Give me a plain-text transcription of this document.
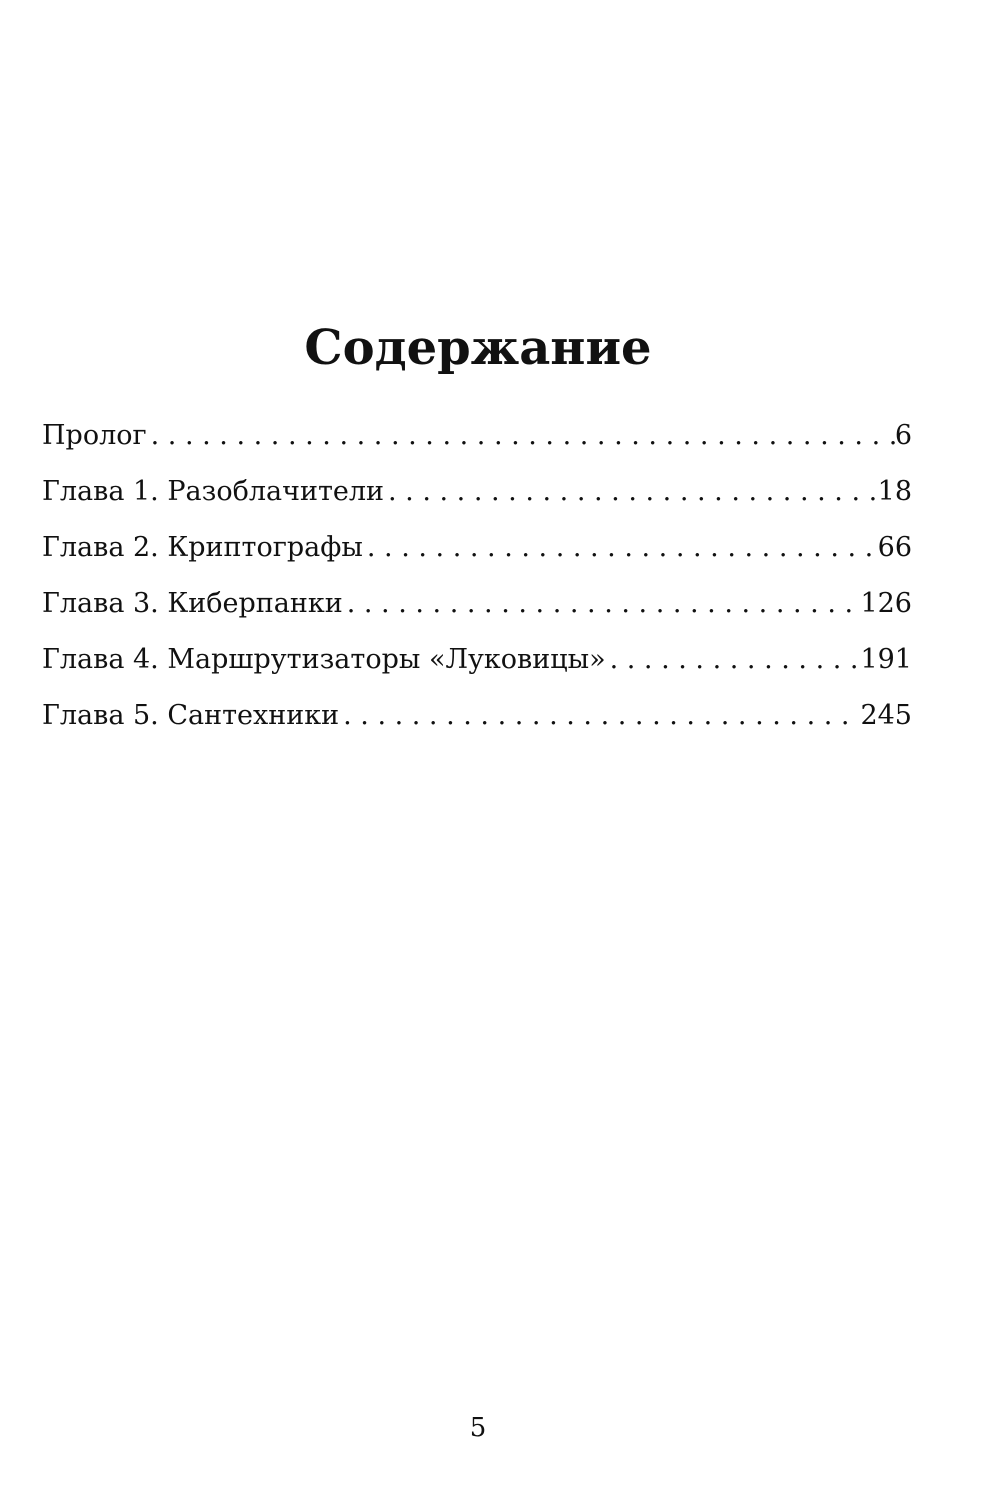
Содержание
Пролог . . .	6
Глава 1. Разоблачители . . .	18
Глава 2. Криптографы . . .	66
Глава 3. Киберпанки . . .	126
Глава 4. Маршрутизаторы «Луковицы» . . .	191
Глава 5. Сантехники . . .	245
5
